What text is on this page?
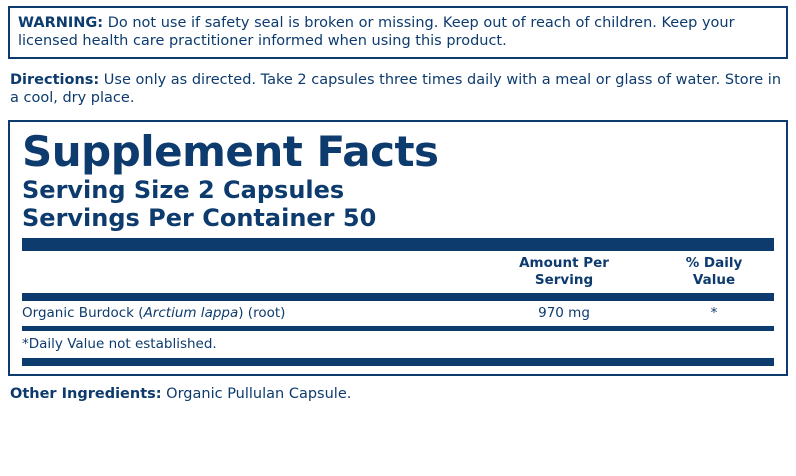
WARNING: Do not use if safety seal is broken or missing. Keep out of reach of children. Keep your licensed health care practitioner informed when using this product.
Directions: Use only as directed. Take 2 capsules three times daily with a meal or glass of water. Store in a cool, dry place.
Supplement Facts
Serving Size 2 Capsules
Servings Per Container 50
Amount Per
Serving
% Daily
Value
Organic Burdock (Arctium lappa) (root)	970 mg	*
*Daily Value not established.
Other Ingredients: Organic Pullulan Capsule.
